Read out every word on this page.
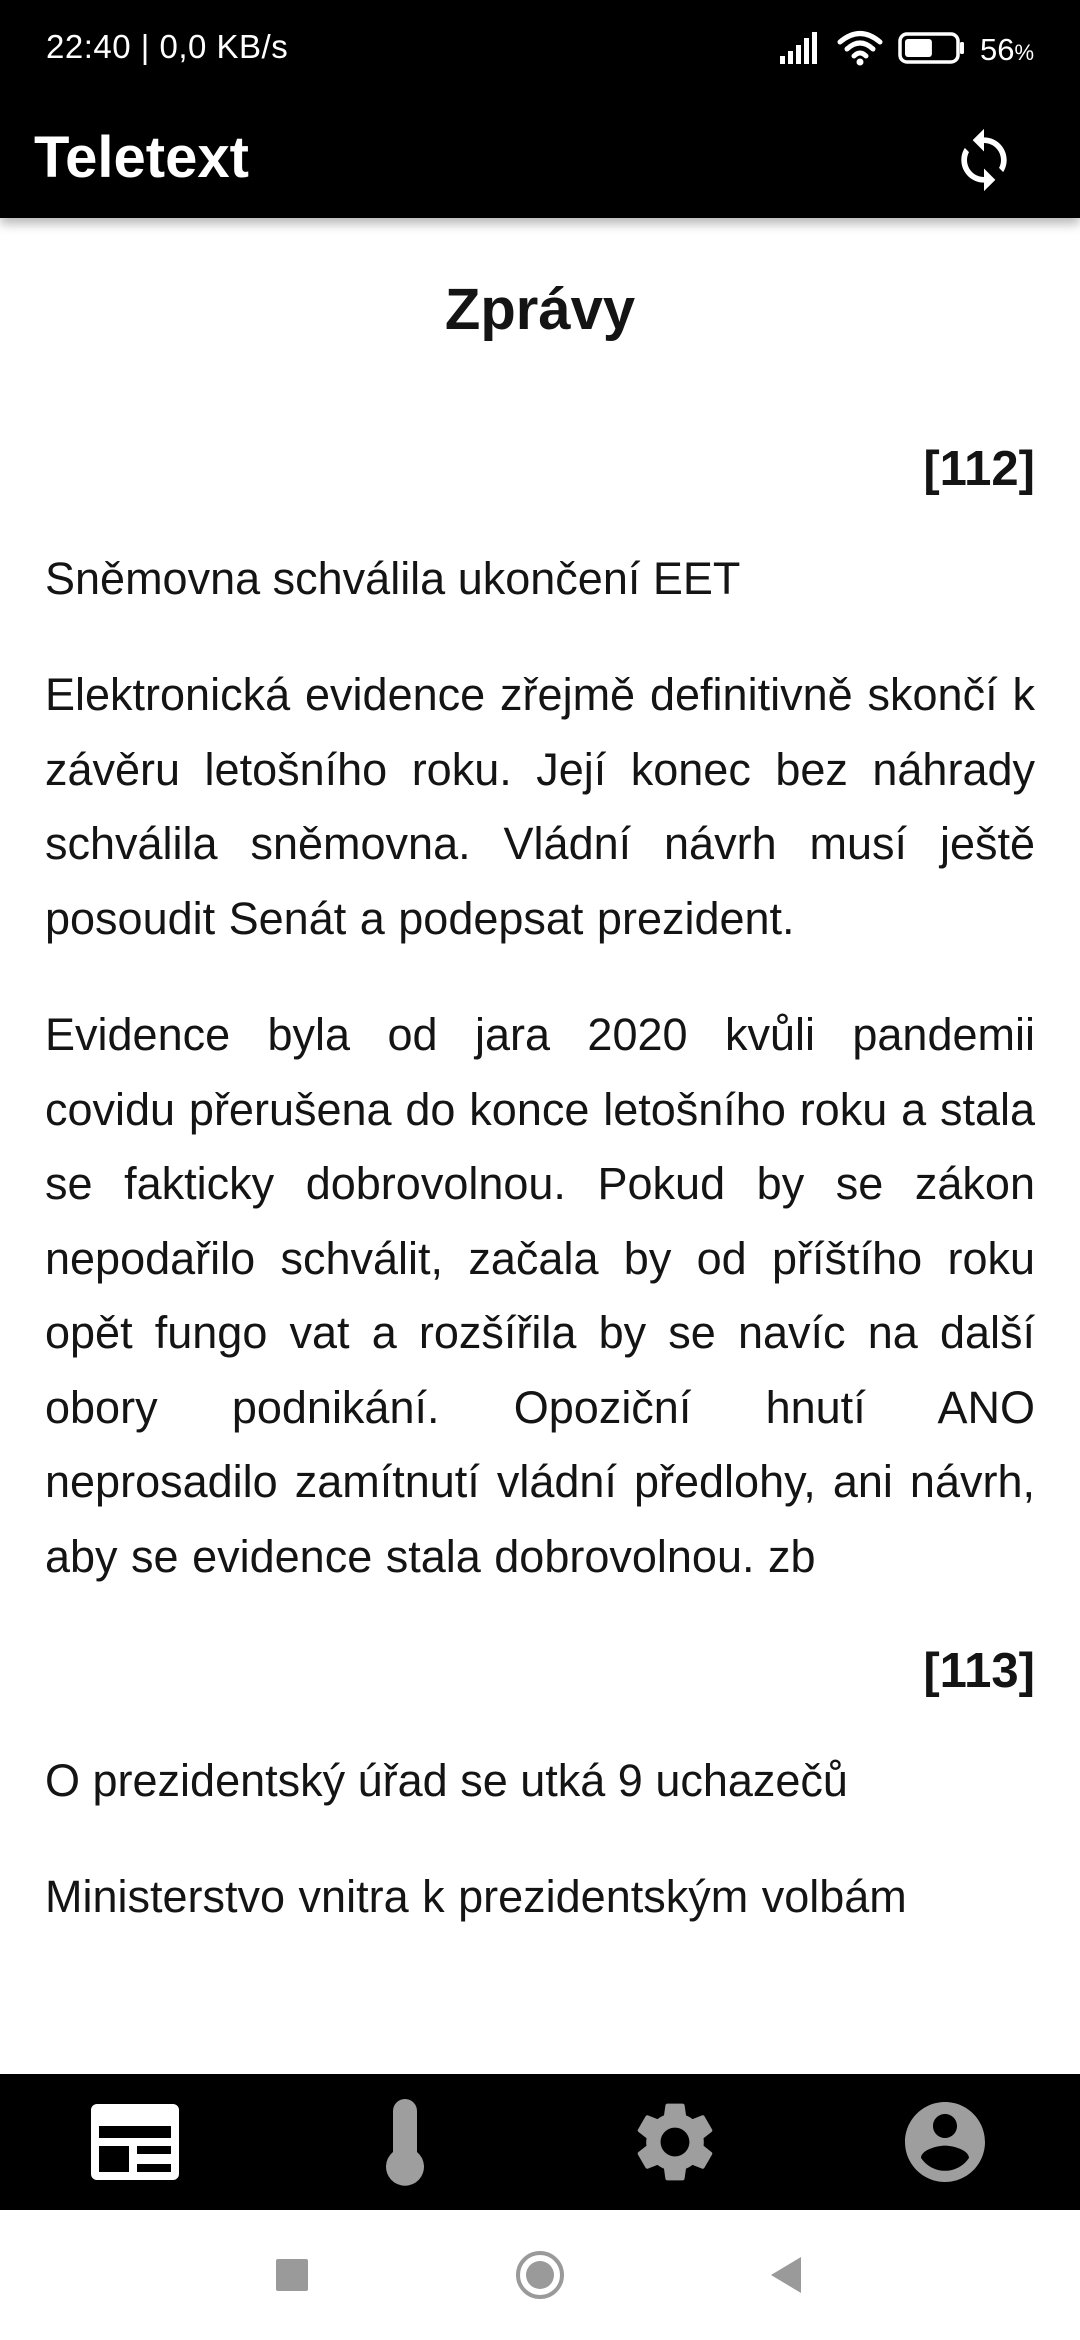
22:40 | 0,0 KB/s	56%
Teletext
Zprávy
[112]
Sněmovna schválila ukončení EET

Elektronická evidence zřejmě definitivně skončí k závěru letošního roku. Její konec bez náhrady schválila sněmovna. Vládní návrh musí ještě posoudit Senát a podepsat prezident.

Evidence byla od jara 2020 kvůli pandemii covidu přerušena do konce letošního roku a stala se fakticky dobrovolnou. Pokud by se zákon nepodařilo schválit, začala by od příštího roku opět fungo vat a rozšířila by se navíc na další obory podnikání. Opoziční hnutí ANO neprosadilo zamítnutí vládní předlohy, ani návrh, aby se evidence stala dobrovolnou. zb

[113]
O prezidentský úřad se utká 9 uchazečů

Ministerstvo vnitra k prezidentským volbám
